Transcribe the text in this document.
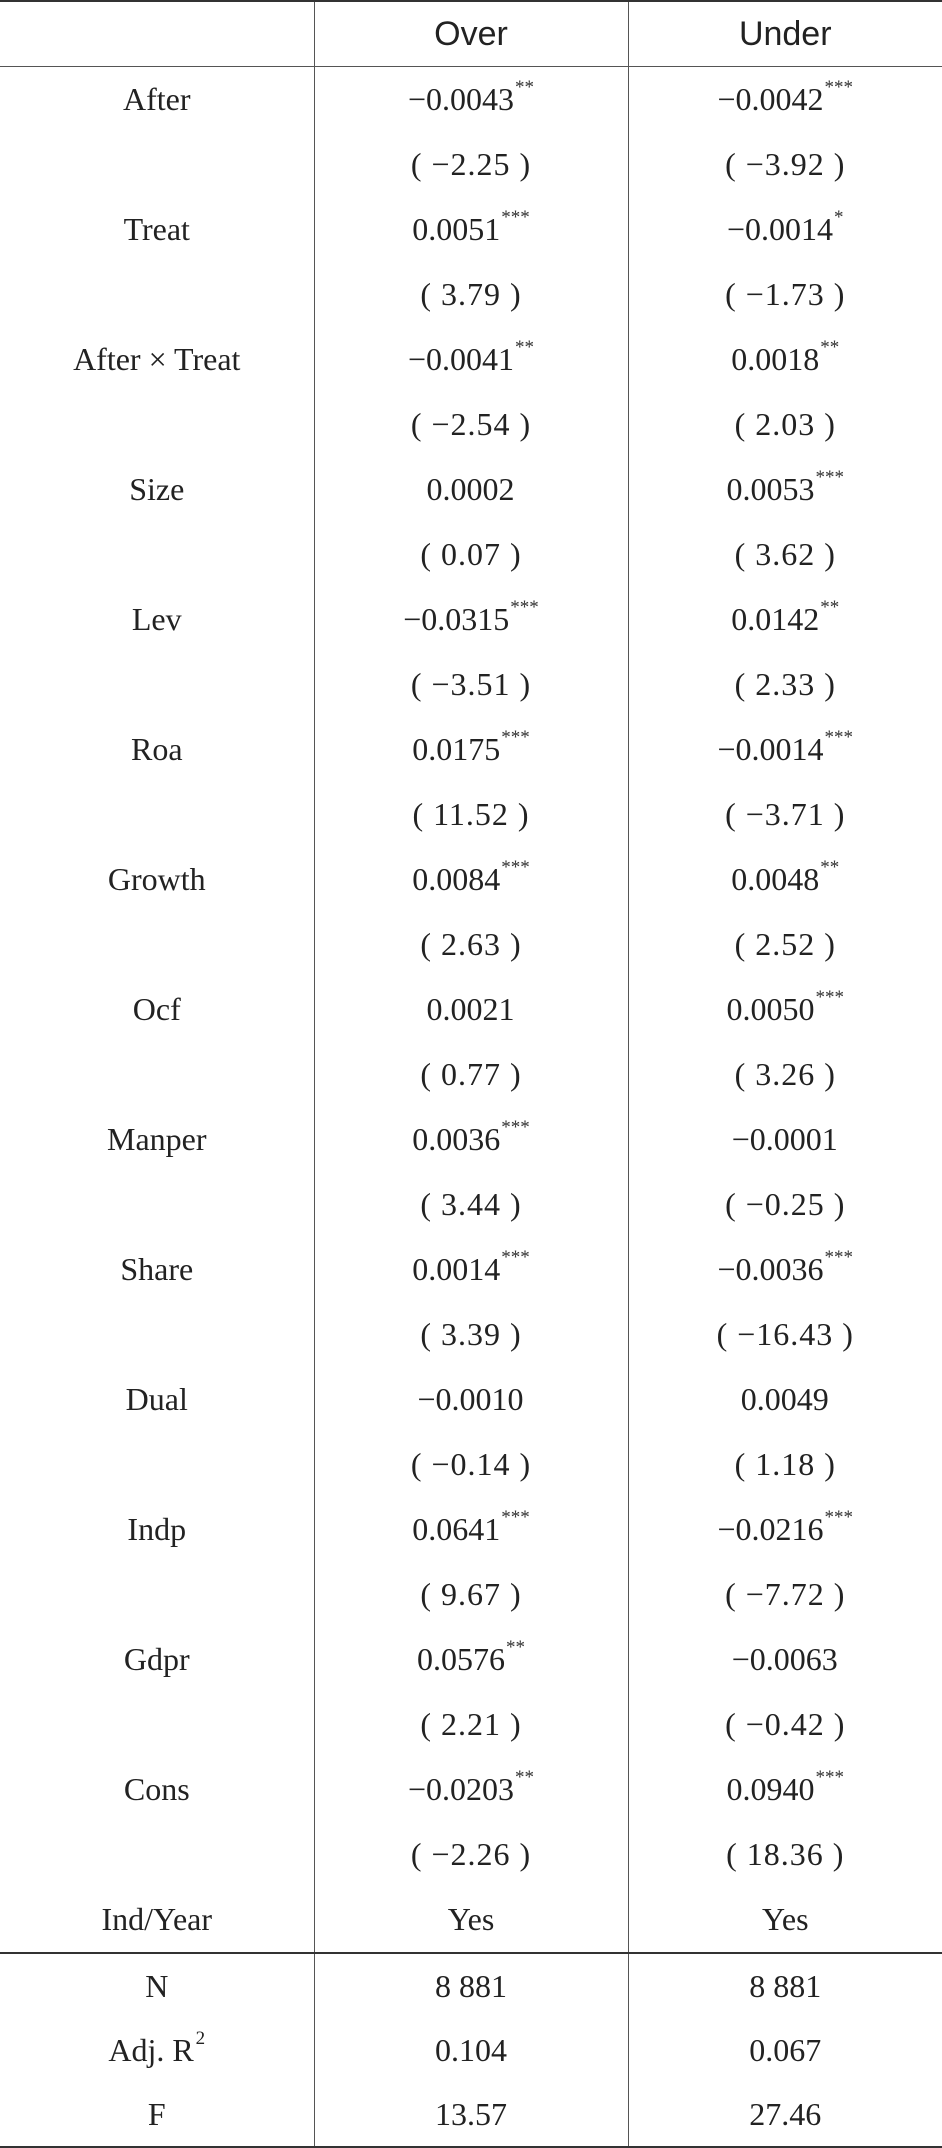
	Over	Under
After	−0.0043**	−0.0042***
	( −2.25 )	( −3.92 )
Treat	0.0051***	−0.0014*
	( 3.79 )	( −1.73 )
After × Treat	−0.0041**	0.0018**
	( −2.54 )	( 2.03 )
Size	0.0002	0.0053***
	( 0.07 )	( 3.62 )
Lev	−0.0315***	0.0142**
	( −3.51 )	( 2.33 )
Roa	0.0175***	−0.0014***
	( 11.52 )	( −3.71 )
Growth	0.0084***	0.0048**
	( 2.63 )	( 2.52 )
Ocf	0.0021	0.0050***
	( 0.77 )	( 3.26 )
Manper	0.0036***	−0.0001
	( 3.44 )	( −0.25 )
Share	0.0014***	−0.0036***
	( 3.39 )	( −16.43 )
Dual	−0.0010	0.0049
	( −0.14 )	( 1.18 )
Indp	0.0641***	−0.0216***
	( 9.67 )	( −7.72 )
Gdpr	0.0576**	−0.0063
	( 2.21 )	( −0.42 )
Cons	−0.0203**	0.0940***
	( −2.26 )	( 18.36 )
Ind/Year	Yes	Yes
N	8 881	8 881
Adj. R $^2$	0.104	0.067
F	13.57	27.46
